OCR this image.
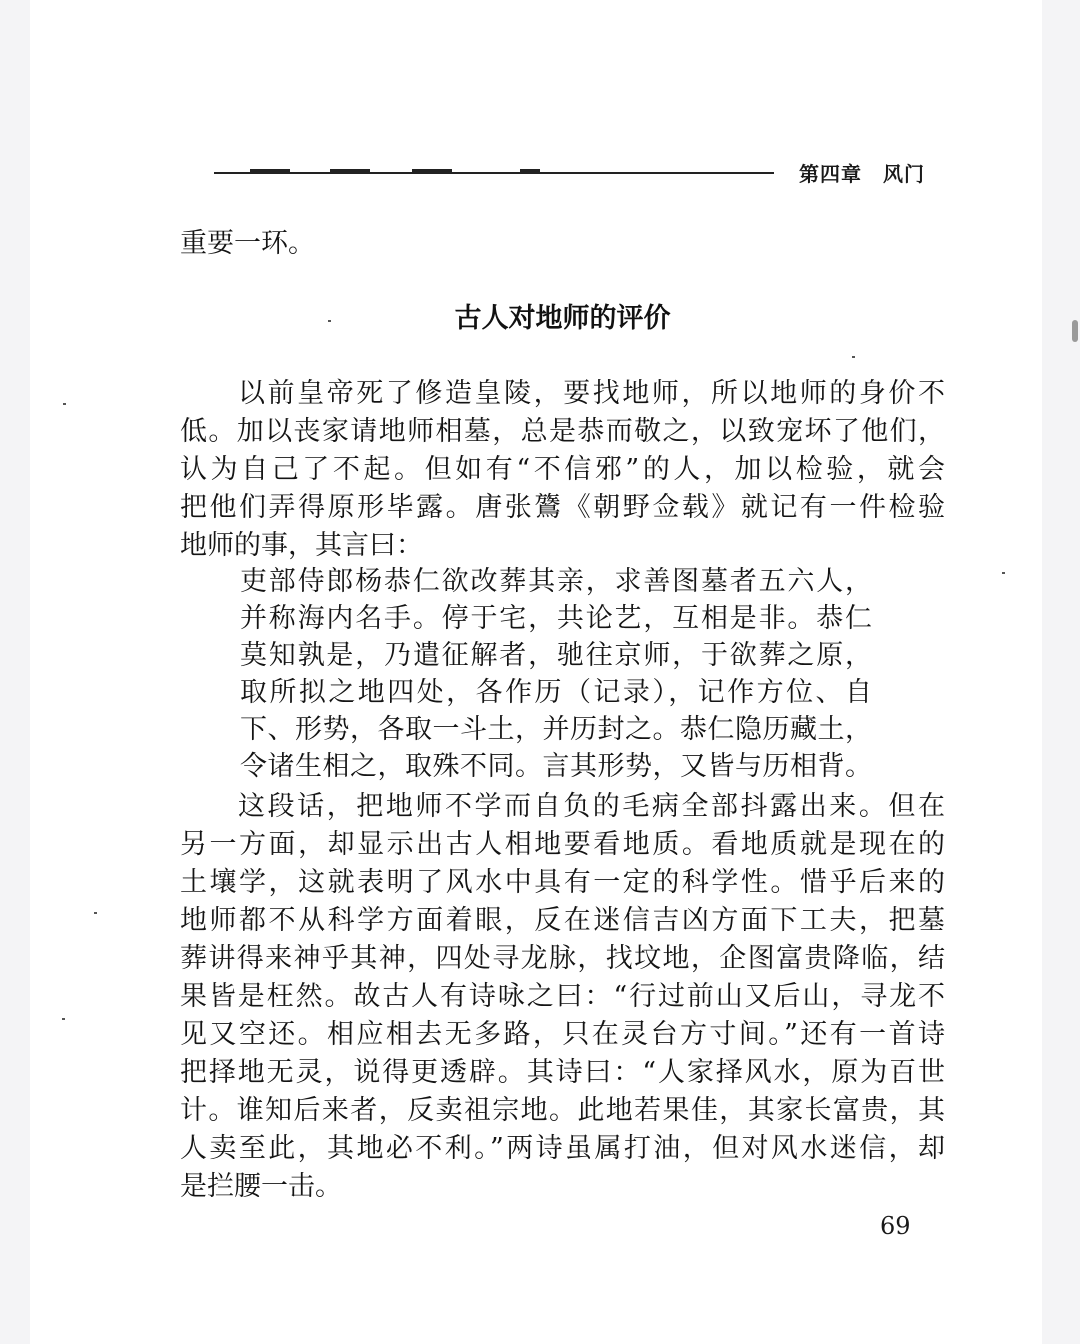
第四章　风门
重要一环。
古人对地师的评价
以前皇帝死了修造皇陵，要找地师，所以地师的身价不
低。加以丧家请地师相墓，总是恭而敬之，以致宠坏了他们，
认为自己了不起。但如有“不信邪”的人，加以检验，就会
把他们弄得原形毕露。唐张鷟《朝野佥载》就记有一件检验
地师的事，其言曰：
吏部侍郎杨恭仁欲改葬其亲，求善图墓者五六人，
并称海内名手。停于宅，共论艺，互相是非。恭仁
莫知孰是，乃遣征解者，驰往京师，于欲葬之原，
取所拟之地四处，各作历（记录），记作方位、自
下、形势，各取一斗土，并历封之。恭仁隐历藏土，
令诸生相之，取殊不同。言其形势，又皆与历相背。
这段话，把地师不学而自负的毛病全部抖露出来。但在
另一方面，却显示出古人相地要看地质。看地质就是现在的
土壤学，这就表明了风水中具有一定的科学性。惜乎后来的
地师都不从科学方面着眼，反在迷信吉凶方面下工夫，把墓
葬讲得来神乎其神，四处寻龙脉，找坟地，企图富贵降临，结
果皆是枉然。故古人有诗咏之曰：“行过前山又后山，寻龙不
见又空还。相应相去无多路，只在灵台方寸间。”还有一首诗
把择地无灵，说得更透辟。其诗曰：“人家择风水，原为百世
计。谁知后来者，反卖祖宗地。此地若果佳，其家长富贵，其
人卖至此，其地必不利。”两诗虽属打油，但对风水迷信，却
是拦腰一击。
69
